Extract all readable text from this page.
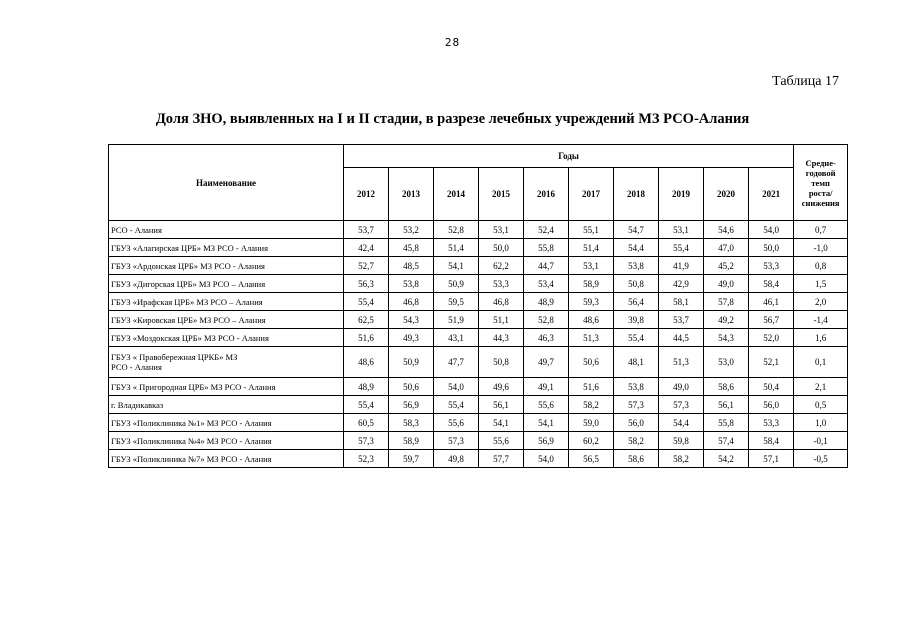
28
Таблица 17
Доля ЗНО, выявленных на I и II стадии, в разрезе лечебных учреждений МЗ РСО-Алания
Наименование	Годы										Средне-
годовой
темп
роста/
снижения
	2012	2013	2014	2015	2016	2017	2018	2019	2020	2021	
РСО - Алания	53,7	53,2	52,8	53,1	52,4	55,1	54,7	53,1	54,6	54,0	0,7
ГБУЗ «Алагирская ЦРБ» МЗ РСО - Алания	42,4	45,8	51,4	50,0	55,8	51,4	54,4	55,4	47,0	50,0	-1,0
ГБУЗ «Ардонская ЦРБ» МЗ РСО - Алания	52,7	48,5	54,1	62,2	44,7	53,1	53,8	41,9	45,2	53,3	0,8
ГБУЗ «Дигорская ЦРБ» МЗ РСО – Алания	56,3	53,8	50,9	53,3	53,4	58,9	50,8	42,9	49,0	58,4	1,5
ГБУЗ «Ирафская ЦРБ» МЗ РСО – Алания	55,4	46,8	59,5	46,8	48,9	59,3	56,4	58,1	57,8	46,1	2,0
ГБУЗ «Кировская ЦРБ» МЗ РСО – Алания	62,5	54,3	51,9	51,1	52,8	48,6	39,8	53,7	49,2	56,7	-1,4
ГБУЗ «Моздокская ЦРБ» МЗ РСО - Алания	51,6	49,3	43,1	44,3	46,3	51,3	55,4	44,5	54,3	52,0	1,6
ГБУЗ « Правобережная ЦРКБ» МЗ
РСО - Алания	48,6	50,9	47,7	50,8	49,7	50,6	48,1	51,3	53,0	52,1	0,1
ГБУЗ « Пригородная ЦРБ» МЗ РСО - Алания	48,9	50,6	54,0	49,6	49,1	51,6	53,8	49,0	58,6	50,4	2,1
г. Владикавказ	55,4	56,9	55,4	56,1	55,6	58,2	57,3	57,3	56,1	56,0	0,5
ГБУЗ «Поликлиника №1» МЗ РСО - Алания	60,5	58,3	55,6	54,1	54,1	59,0	56,0	54,4	55,8	53,3	1,0
ГБУЗ «Поликлиника №4» МЗ РСО - Алания	57,3	58,9	57,3	55,6	56,9	60,2	58,2	59,8	57,4	58,4	-0,1
ГБУЗ «Поликлиника №7» МЗ РСО - Алания	52,3	59,7	49,8	57,7	54,0	56,5	58,6	58,2	54,2	57,1	-0,5
